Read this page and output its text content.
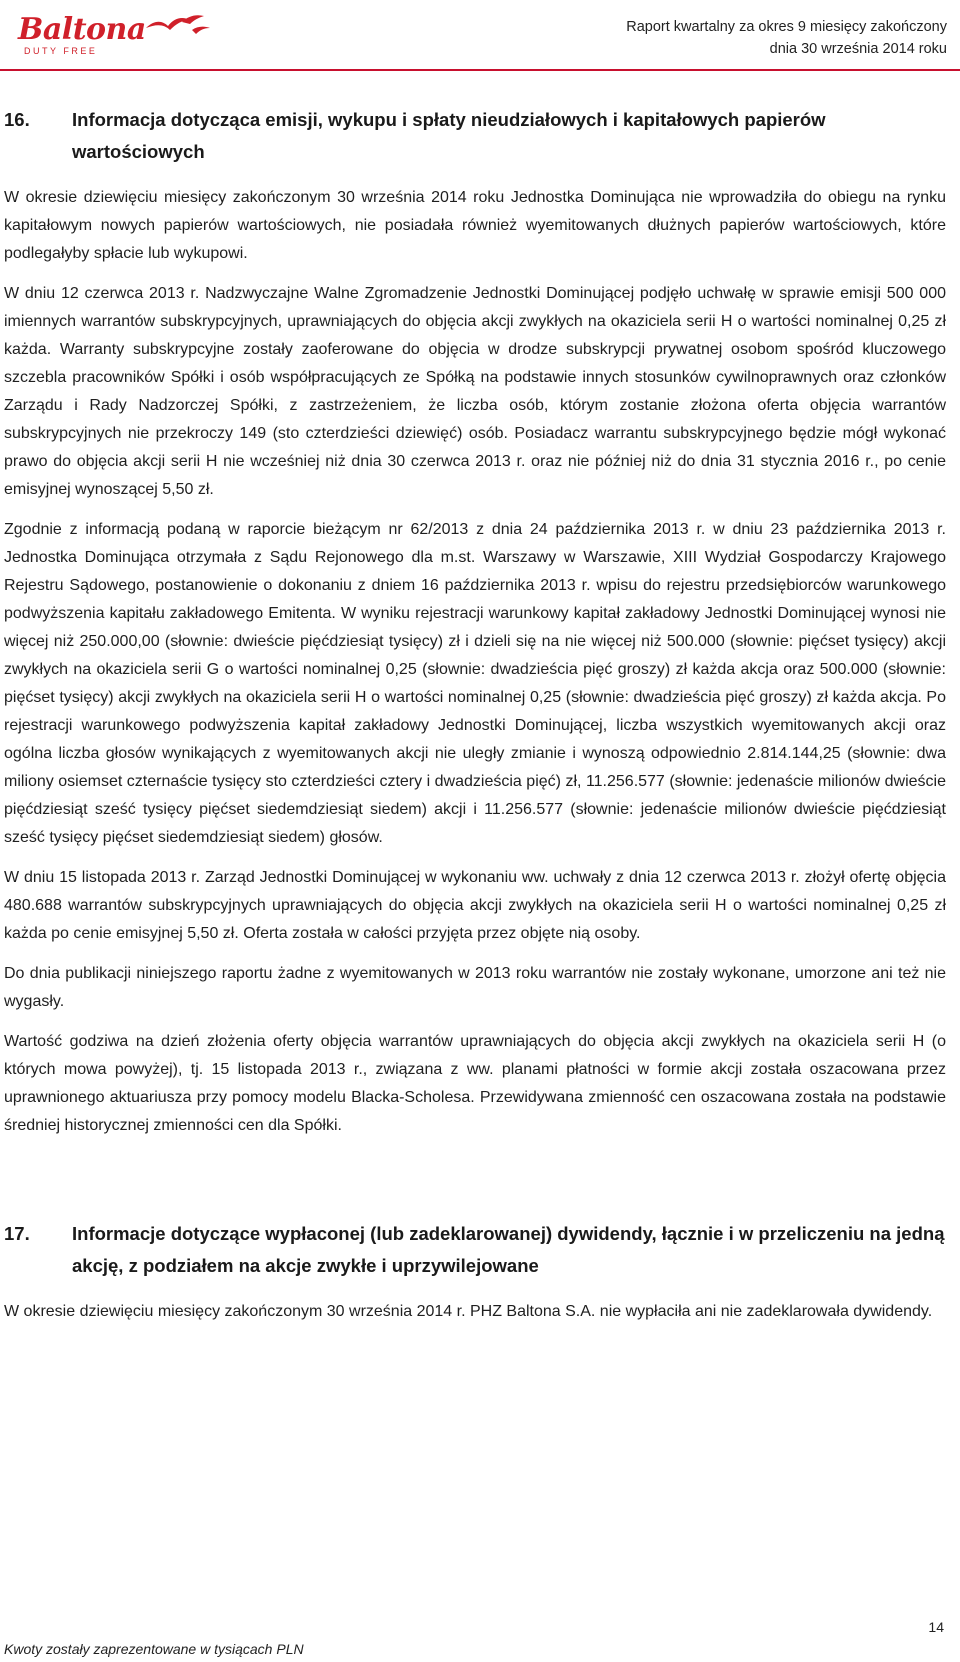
Baltona
DUTY FREE
Raport kwartalny za okres 9 miesięcy zakończony
dnia 30 września 2014 roku
16.	Informacja dotycząca emisji, wykupu i spłaty nieudziałowych i kapitałowych papierów wartościowych

W okresie dziewięciu miesięcy zakończonym 30 września 2014 roku Jednostka Dominująca nie wprowadziła do obiegu na rynku kapitałowym nowych papierów wartościowych, nie posiadała również wyemitowanych dłużnych papierów wartościowych, które podlegałyby spłacie lub wykupowi.

W dniu 12 czerwca 2013 r. Nadzwyczajne Walne Zgromadzenie Jednostki Dominującej podjęło uchwałę w sprawie emisji 500 000 imiennych warrantów subskrypcyjnych, uprawniających do objęcia akcji zwykłych na okaziciela serii H o wartości nominalnej 0,25 zł każda. Warranty subskrypcyjne zostały zaoferowane do objęcia w drodze subskrypcji prywatnej osobom spośród kluczowego szczebla pracowników Spółki i osób współpracujących ze Spółką na podstawie innych stosunków cywilnoprawnych oraz członków Zarządu i Rady Nadzorczej Spółki, z zastrzeżeniem, że liczba osób, którym zostanie złożona oferta objęcia warrantów subskrypcyjnych nie przekroczy 149 (sto czterdzieści dziewięć) osób. Posiadacz warrantu subskrypcyjnego będzie mógł wykonać prawo do objęcia akcji serii H nie wcześniej niż dnia 30 czerwca 2013 r. oraz nie później niż do dnia 31 stycznia 2016 r., po cenie emisyjnej wynoszącej 5,50 zł.

Zgodnie z informacją podaną w raporcie bieżącym nr 62/2013 z dnia 24 października 2013 r. w dniu 23 października 2013 r. Jednostka Dominująca otrzymała z Sądu Rejonowego dla m.st. Warszawy w Warszawie, XIII Wydział Gospodarczy Krajowego Rejestru Sądowego, postanowienie o dokonaniu z dniem 16 października 2013 r. wpisu do rejestru przedsiębiorców warunkowego podwyższenia kapitału zakładowego Emitenta. W wyniku rejestracji warunkowy kapitał zakładowy Jednostki Dominującej wynosi nie więcej niż 250.000,00 (słownie: dwieście pięćdziesiąt tysięcy) zł i dzieli się na nie więcej niż 500.000 (słownie: pięćset tysięcy) akcji zwykłych na okaziciela serii G o wartości nominalnej 0,25 (słownie: dwadzieścia pięć groszy) zł każda akcja oraz 500.000 (słownie: pięćset tysięcy) akcji zwykłych na okaziciela serii H o wartości nominalnej 0,25 (słownie: dwadzieścia pięć groszy) zł każda akcja. Po rejestracji warunkowego podwyższenia kapitał zakładowy Jednostki Dominującej, liczba wszystkich wyemitowanych akcji oraz ogólna liczba głosów wynikających z wyemitowanych akcji nie uległy zmianie i wynoszą odpowiednio 2.814.144,25 (słownie: dwa miliony osiemset czternaście tysięcy sto czterdzieści cztery i dwadzieścia pięć) zł, 11.256.577 (słownie: jedenaście milionów dwieście pięćdziesiąt sześć tysięcy pięćset siedemdziesiąt siedem) akcji i 11.256.577 (słownie: jedenaście milionów dwieście pięćdziesiąt sześć tysięcy pięćset siedemdziesiąt siedem) głosów.

W dniu 15 listopada 2013 r. Zarząd Jednostki Dominującej w wykonaniu ww. uchwały z dnia 12 czerwca 2013 r. złożył ofertę objęcia 480.688 warrantów subskrypcyjnych uprawniających do objęcia akcji zwykłych na okaziciela serii H o wartości nominalnej 0,25 zł każda po cenie emisyjnej 5,50 zł. Oferta została w całości przyjęta przez objęte nią osoby.

Do dnia publikacji niniejszego raportu żadne z wyemitowanych w 2013 roku warrantów nie zostały wykonane, umorzone ani też nie wygasły.

Wartość godziwa na dzień złożenia oferty objęcia warrantów uprawniających do objęcia akcji zwykłych na okaziciela serii H (o których mowa powyżej), tj. 15 listopada 2013 r., związana z ww. planami płatności w formie akcji została oszacowana przez uprawnionego aktuariusza przy pomocy modelu Blacka-Scholesa. Przewidywana zmienność cen oszacowana została na podstawie średniej historycznej zmienności cen dla Spółki.

17.	Informacje dotyczące wypłaconej (lub zadeklarowanej) dywidendy, łącznie i w przeliczeniu na jedną akcję, z podziałem na akcje zwykłe i uprzywilejowane

W okresie dziewięciu miesięcy zakończonym 30 września 2014 r. PHZ Baltona S.A. nie wypłaciła ani nie zadeklarowała dywidendy.

14
Kwoty zostały zaprezentowane w tysiącach PLN
